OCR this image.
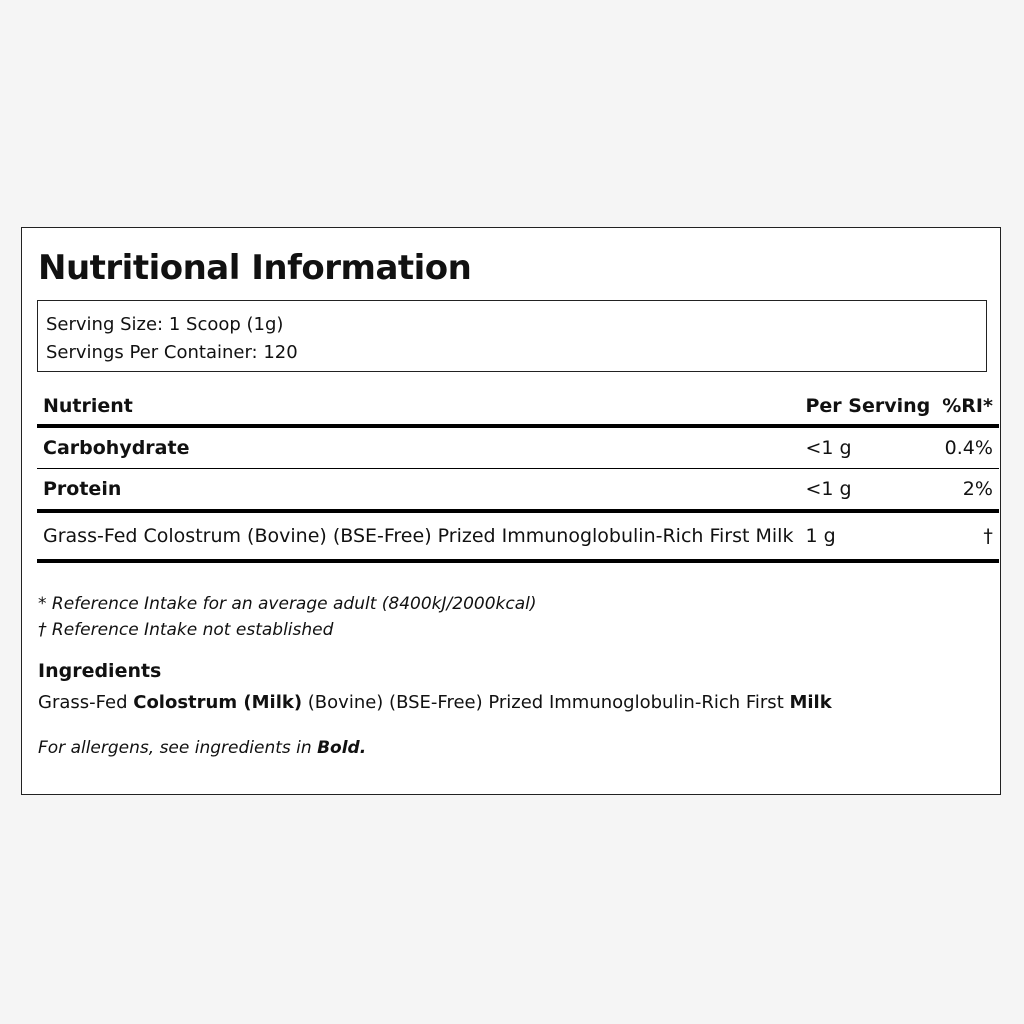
Nutritional Information
Serving Size: 1 Scoop (1g)
Servings Per Container: 120
Nutrient	Per Serving	%RI*
Carbohydrate	<1 g	0.4%
Protein	<1 g	2%
Grass-Fed Colostrum (Bovine) (BSE-Free) Prized Immunoglobulin-Rich First Milk	1 g	†
* Reference Intake for an average adult (8400kJ/2000kcal)
† Reference Intake not established
Ingredients
Grass-Fed Colostrum (Milk) (Bovine) (BSE-Free) Prized Immunoglobulin-Rich First Milk
For allergens, see ingredients in Bold.
